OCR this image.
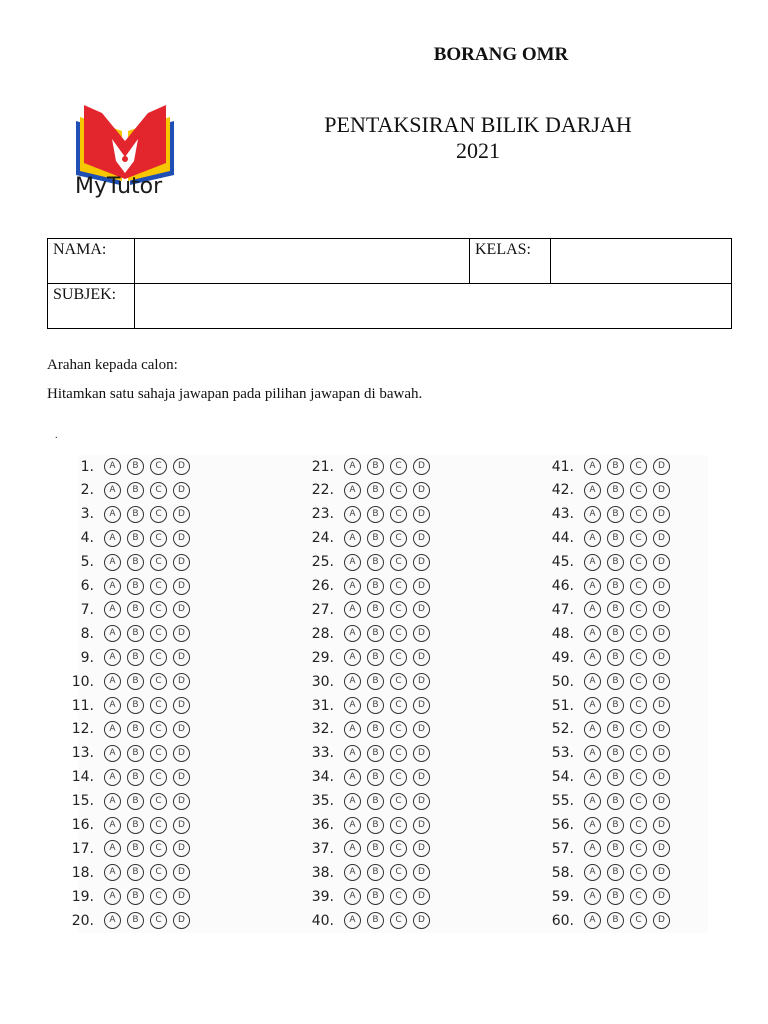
BORANG OMR
MyTutor
PENTAKSIRAN BILIK DARJAH
2021
NAMA:		KELAS:	
SUBJEK:			
Arahan kepada calon:
Hitamkan satu sahaja jawapan pada pilihan jawapan di bawah.
.
1.	A	B	C	D
2.	A	B	C	D
3.	A	B	C	D
4.	A	B	C	D
5.	A	B	C	D
6.	A	B	C	D
7.	A	B	C	D
8.	A	B	C	D
9.	A	B	C	D
10.	A	B	C	D
11.	A	B	C	D
12.	A	B	C	D
13.	A	B	C	D
14.	A	B	C	D
15.	A	B	C	D
16.	A	B	C	D
17.	A	B	C	D
18.	A	B	C	D
19.	A	B	C	D
20.	A	B	C	D
21.	A	B	C	D
22.	A	B	C	D
23.	A	B	C	D
24.	A	B	C	D
25.	A	B	C	D
26.	A	B	C	D
27.	A	B	C	D
28.	A	B	C	D
29.	A	B	C	D
30.	A	B	C	D
31.	A	B	C	D
32.	A	B	C	D
33.	A	B	C	D
34.	A	B	C	D
35.	A	B	C	D
36.	A	B	C	D
37.	A	B	C	D
38.	A	B	C	D
39.	A	B	C	D
40.	A	B	C	D
41.	A	B	C	D
42.	A	B	C	D
43.	A	B	C	D
44.	A	B	C	D
45.	A	B	C	D
46.	A	B	C	D
47.	A	B	C	D
48.	A	B	C	D
49.	A	B	C	D
50.	A	B	C	D
51.	A	B	C	D
52.	A	B	C	D
53.	A	B	C	D
54.	A	B	C	D
55.	A	B	C	D
56.	A	B	C	D
57.	A	B	C	D
58.	A	B	C	D
59.	A	B	C	D
60.	A	B	C	D
